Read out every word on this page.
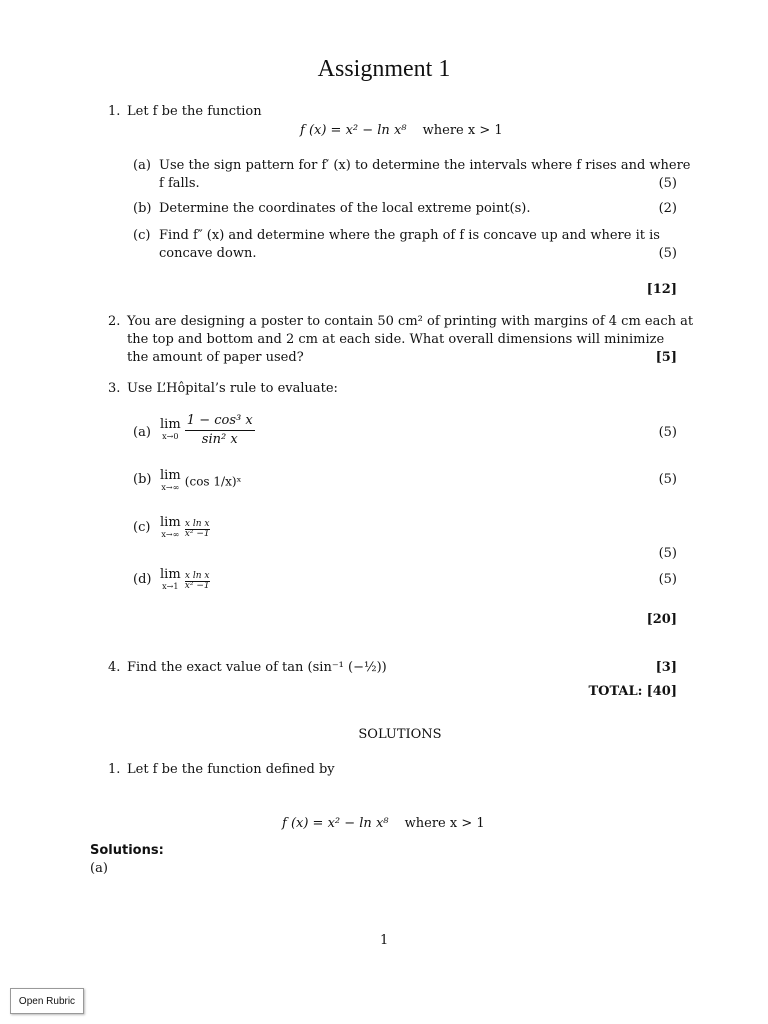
Assignment 1
1. Let f be the function
f (x) = x² − ln x⁸ where x > 1
(a) Use the sign pattern for f′ (x) to determine the intervals where f rises and where
f falls.	(5)
(b) Determine the coordinates of the local extreme point(s).	(2)
(c) Find f″ (x) and determine where the graph of f is concave up and where it is
concave down.	(5)
[12]
2. You are designing a poster to contain 50 cm² of printing with margins of 4 cm each at
the top and bottom and 2 cm at each side. What overall dimensions will minimize
the amount of paper used?	[5]
3. Use L’Hôpital’s rule to evaluate:
(a)
lim
x→0
$\frac{\text{1 − cos³ x}}{\text{sin² x}}$	(5)
(b) lim
x→∞ (cos 1/x)ˣ	(5)
(c) lim
x→∞
$\frac{\text{x ln x}}{\text{x² −1}}$
(5)
(d) lim
x→1
$\frac{\text{x ln x}}{\text{x² −1}}$	(5)
[20]
4. Find the exact value of tan (sin⁻¹ (−½))	[3]
TOTAL: [40]
SOLUTIONS
1. Let f be the function defined by
f (x) = x² − ln x⁸ where x > 1
Solutions:
(a)
1
Open Rubric
